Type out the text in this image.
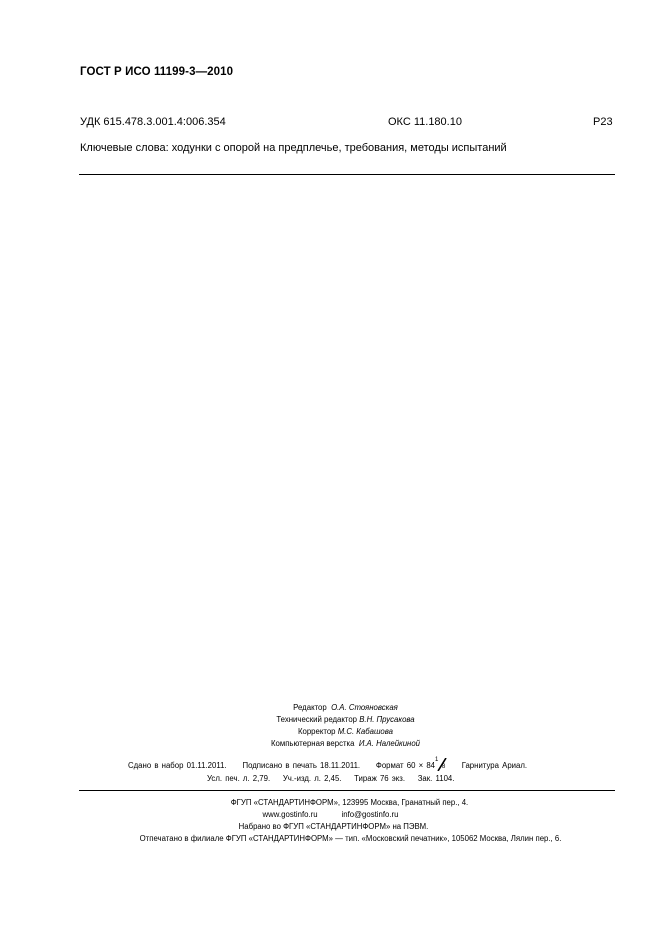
ГОСТ Р ИСО 11199-3—2010
УДК 615.478.3.001.4:006.354	ОКС 11.180.10	Р23
Ключевые слова: ходунки с опорой на предплечье, требования, методы испытаний
Редактор О.А. Стояновская
Технический редактор В.Н. Прусакова
Корректор М.С. Кабашова
Компьютерная верстка И.А. Налейкиной
Сдано в набор 01.11.2011. Подписано в печать 18.11.2011. Формат 60 × 84
1
8 Гарнитура Ариал.
Усл. печ. л. 2,79. Уч.-изд. л. 2,45. Тираж 76 экз. Зак. 1104.
ФГУП «СТАНДАРТИНФОРМ», 123995 Москва, Гранатный пер., 4.
www.gostinfo.ru	info@gostinfo.ru
Набрано во ФГУП «СТАНДАРТИНФОРМ» на ПЭВМ.
Отпечатано в филиале ФГУП «СТАНДАРТИНФОРМ» — тип. «Московский печатник», 105062 Москва, Лялин пер., 6.
